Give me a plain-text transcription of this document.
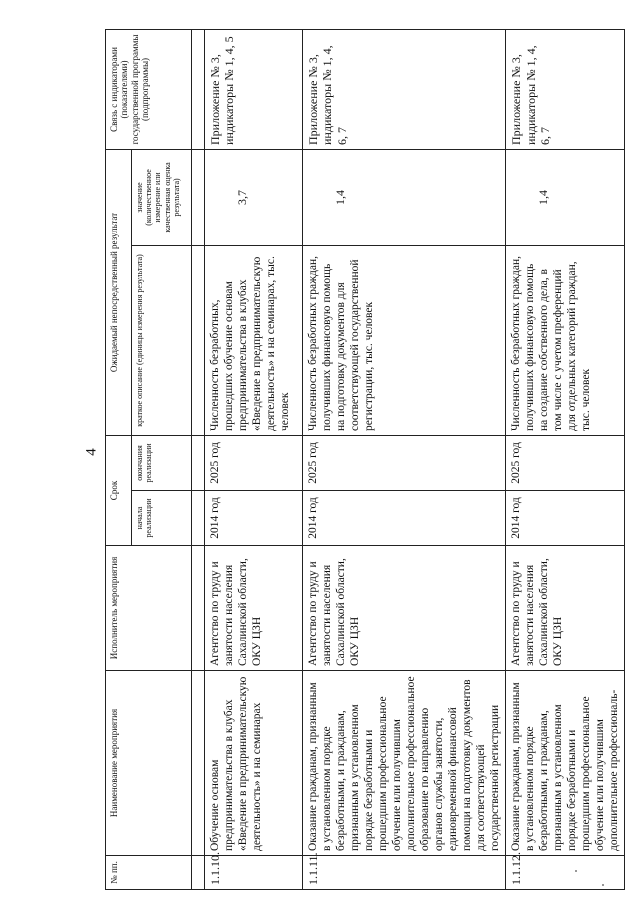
4
№ пп.	Наименование мероприятия	Исполнитель мероприятия	Срок		Ожидаемый непосредственный результат		Связь с индикаторами (показателями) государственной программы (подпрограммы)
			начала реализации	окончания реализации	краткое описание (единицы измерения результата)	значение (количественное измерение или качественная оценка результата)	

1.1.10.	Обучение основам предпринимательства в клубах «Введение в предпринимательскую деятельность» и на семинарах	Агентство по труду и занятости населения Сахалинской области, ОКУ ЦЗН	2014 год	2025 год	Численность безработных, прошедших обучение основам предпринимательства в клубах «Введение в предпринимательскую деятельность» и на семинарах, тыс. человек	3,7	Приложение № 3, индикаторы № 1, 4, 5
1.1.11.	Оказание гражданам, признанным в установленном порядке безработными, и гражданам, признанным в установленном порядке безработными и прошедшим профессиональное обучение или получившим дополнительное профессиональное образование по направлению органов службы занятости, единовременной финансовой помощи на подготовку документов для соответствующей государственной регистрации	Агентство по труду и занятости населения Сахалинской области, ОКУ ЦЗН	2014 год	2025 год	Численность безработных граждан, получивших финансовую помощь на подготовку документов для соответствующей государственной регистрации, тыс. человек	1,4	Приложение № 3, индикаторы № 1, 4, 6, 7
1.1.12.	Оказание гражданам, признанным в установленном порядке безработными, и гражданам, признанным в установленном порядке безработными и прошедшим профессиональное обучение или получившим дополнительное профессиональ-	Агентство по труду и занятости населения Сахалинской области, ОКУ ЦЗН	2014 год	2025 год	Численность безработных граждан, получивших финансовую помощь на создание собственного дела, в том числе с учетом преференций для отдельных категорий граждан, тыс. человек	1,4	Приложение № 3, индикаторы № 1, 4, 6, 7
